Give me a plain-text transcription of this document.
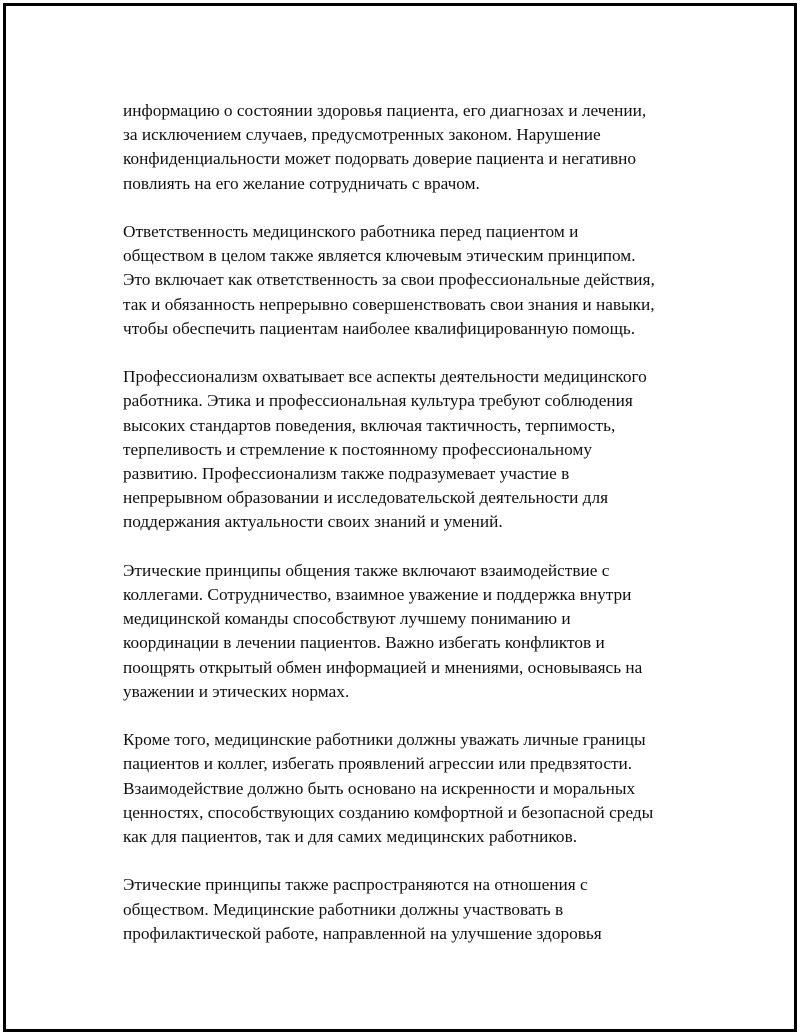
информацию о состоянии здоровья пациента, его диагнозах и лечении,
за исключением случаев, предусмотренных законом. Нарушение
конфиденциальности может подорвать доверие пациента и негативно
повлиять на его желание сотрудничать с врачом.

Ответственность медицинского работника перед пациентом и
обществом в целом также является ключевым этическим принципом.
Это включает как ответственность за свои профессиональные действия,
так и обязанность непрерывно совершенствовать свои знания и навыки,
чтобы обеспечить пациентам наиболее квалифицированную помощь.

Профессионализм охватывает все аспекты деятельности медицинского
работника. Этика и профессиональная культура требуют соблюдения
высоких стандартов поведения, включая тактичность, терпимость,
терпеливость и стремление к постоянному профессиональному
развитию. Профессионализм также подразумевает участие в
непрерывном образовании и исследовательской деятельности для
поддержания актуальности своих знаний и умений.

Этические принципы общения также включают взаимодействие с
коллегами. Сотрудничество, взаимное уважение и поддержка внутри
медицинской команды способствуют лучшему пониманию и
координации в лечении пациентов. Важно избегать конфликтов и
поощрять открытый обмен информацией и мнениями, основываясь на
уважении и этических нормах.

Кроме того, медицинские работники должны уважать личные границы
пациентов и коллег, избегать проявлений агрессии или предвзятости.
Взаимодействие должно быть основано на искренности и моральных
ценностях, способствующих созданию комфортной и безопасной среды
как для пациентов, так и для самих медицинских работников.

Этические принципы также распространяются на отношения с
обществом. Медицинские работники должны участвовать в
профилактической работе, направленной на улучшение здоровья
